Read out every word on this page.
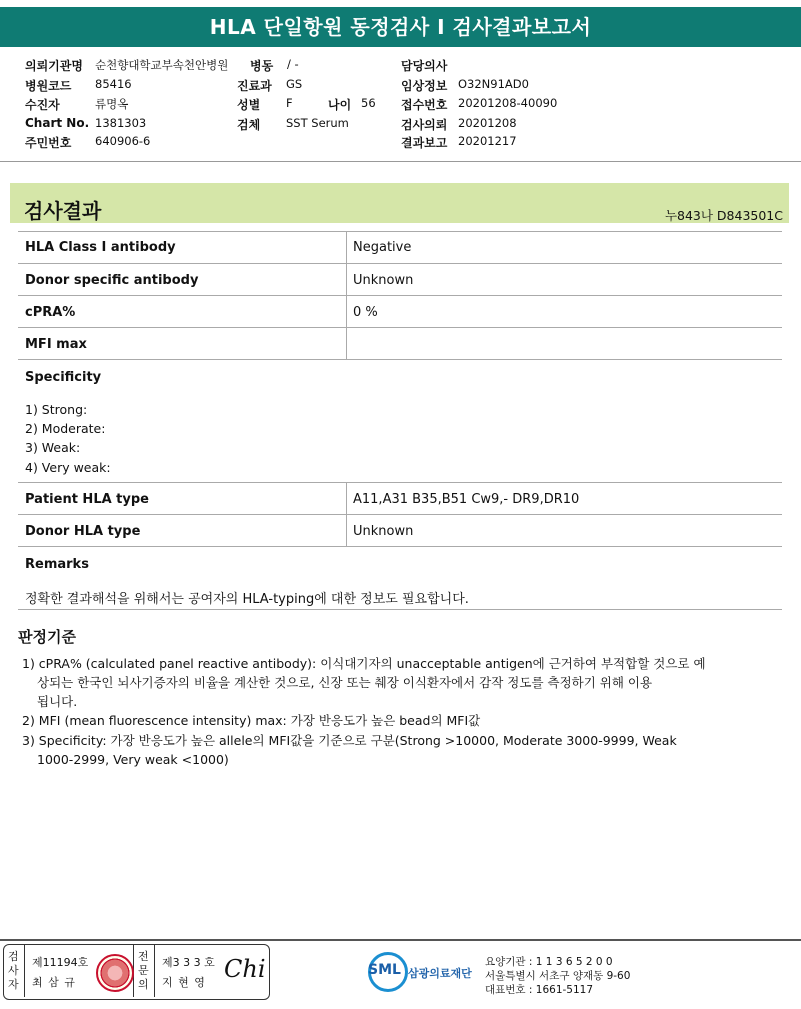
HLA 단일항원 동정검사 I 검사결과보고서
의뢰기관명 순천향대학교부속천안병원
병원코드 85416
수진자	류명옥
Chart No. 1381303
주민번호 640906-6
병동 / -
진료과 GS
성별 F	나이 56
검체 SST Serum
담당의사
임상정보 O32N91AD0
접수번호 20201208-40090
검사의뢰 20201208
결과보고 20201217
검사결과	누843나 D843501C
HLA Class Ⅰ antibody	Negative
Donor specific antibody	Unknown
cPRA%	0 %
MFI max
Specificity
1) Strong:
2) Moderate:
3) Weak:
4) Very weak:
Patient HLA type	A11,A31 B35,B51 Cw9,- DR9,DR10
Donor HLA type	Unknown
Remarks
정확한 결과해석을 위해서는 공여자의 HLA-typing에 대한 정보도 필요합니다.
판정기준
1) cPRA% (calculated panel reactive antibody): 이식대기자의 unacceptable antigen에 근거하여 부적합할 것으로 예
상되는 한국인 뇌사기증자의 비율을 계산한 것으로, 신장 또는 췌장 이식환자에서 감작 정도를 측정하기 위해 이용
됩니다.
2) MFI (mean fluorescence intensity) max: 가장 반응도가 높은 bead의 MFI값
3) Specificity: 가장 반응도가 높은 allele의 MFI값을 기준으로 구분(Strong >10000, Moderate 3000-9999, Weak
1000-2999, Very weak <1000)
검사자
제11194호
최 삼 규
전문의
제3 3 3 호
지 현 영 Chi	SML 삼광의료재단
요양기관 : 1 1 3 6 5 2 0 0
서울특별시 서초구 양재동 9-60
대표번호 : 1661-5117
